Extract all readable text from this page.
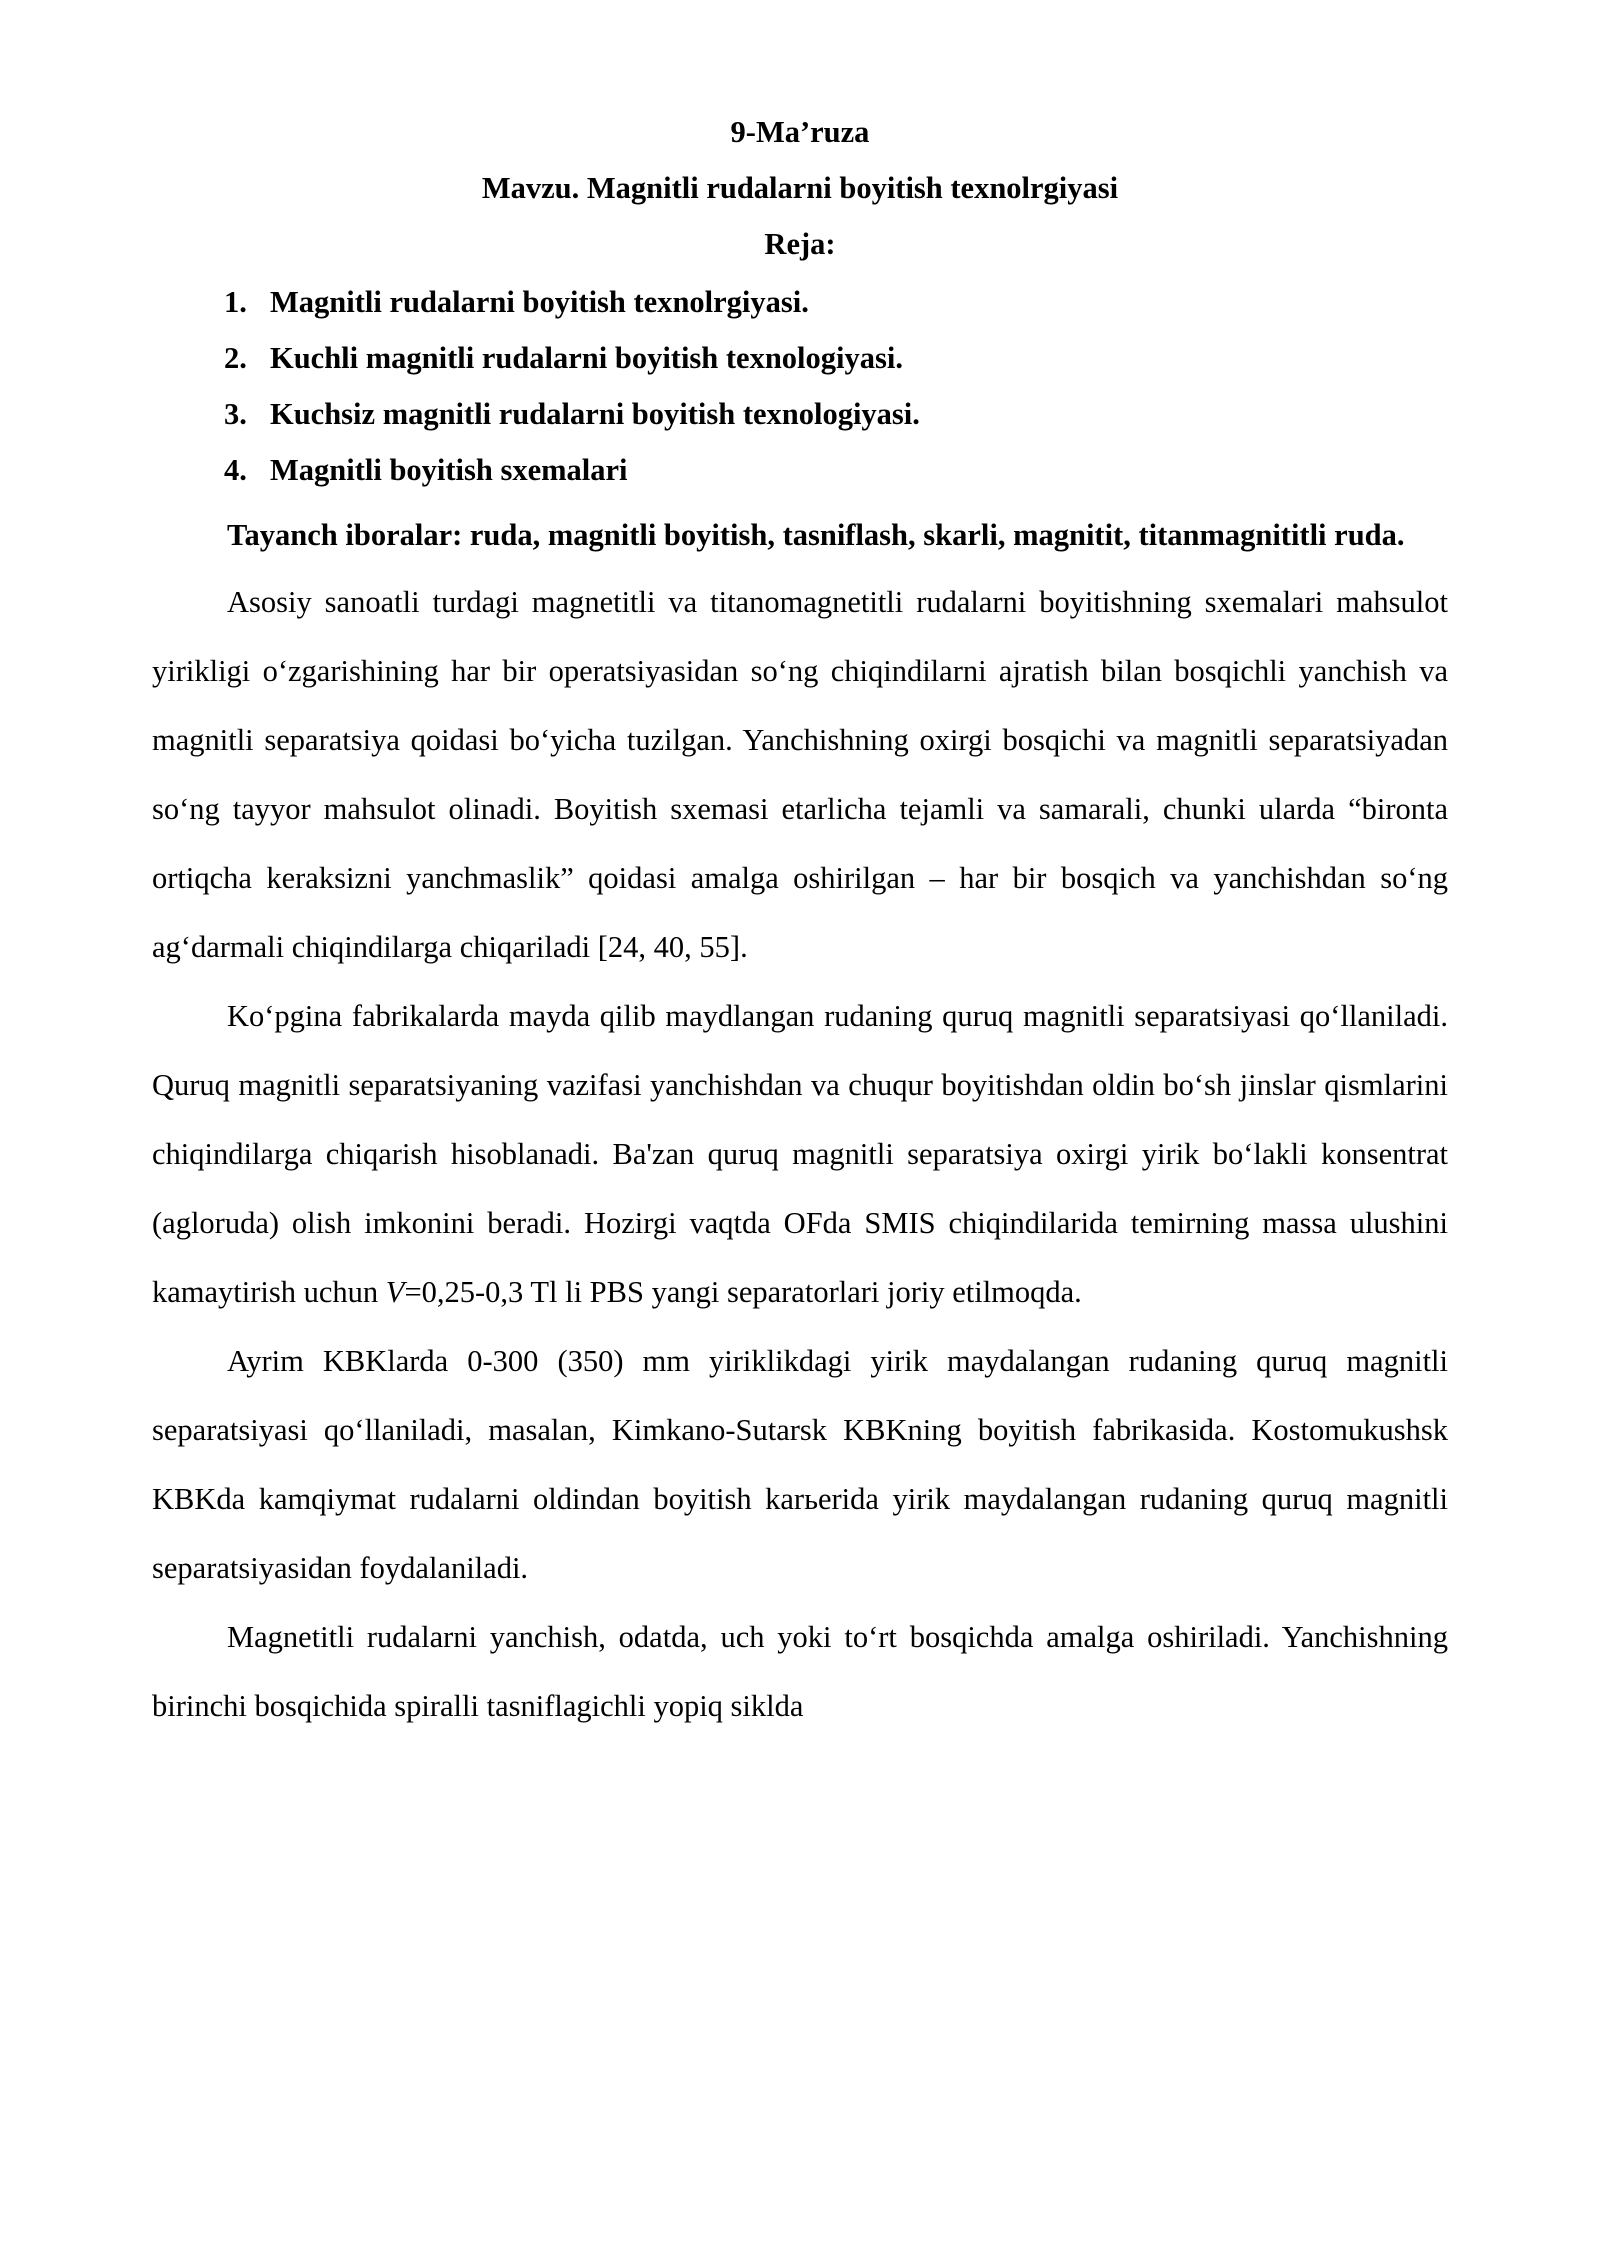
9-Ma’ruza

Mavzu. Magnitli rudalarni boyitish texnolrgiyasi

Reja:

1. Magnitli rudalarni boyitish texnolrgiyasi.
2. Kuchli magnitli rudalarni boyitish texnologiyasi.
3. Kuchsiz magnitli rudalarni boyitish texnologiyasi.
4. Magnitli boyitish sxemalari

Tayanch iboralar: ruda, magnitli boyitish, tasniflash, skarli, magnitit, titanmagnititli ruda.

Asosiy sanoatli turdagi magnetitli va titanomagnetitli rudalarni boyitishning sxemalari mahsulot yirikligi o‘zgarishining har bir operatsiyasidan so‘ng chiqindilarni ajratish bilan bosqichli yanchish va magnitli separatsiya qoidasi bo‘yicha tuzilgan. Yanchishning oxirgi bosqichi va magnitli separatsiyadan so‘ng tayyor mahsulot olinadi. Boyitish sxemasi etarlicha tejamli va samarali, chunki ularda “bironta ortiqcha keraksizni yanchmaslik” qoidasi amalga oshirilgan – har bir bosqich va yanchishdan so‘ng ag‘darmali chiqindilarga chiqariladi [24, 40, 55].

Ko‘pgina fabrikalarda mayda qilib maydlangan rudaning quruq magnitli separatsiyasi qo‘llaniladi. Quruq magnitli separatsiyaning vazifasi yanchishdan va chuqur boyitishdan oldin bo‘sh jinslar qismlarini chiqindilarga chiqarish hisoblanadi. Ba'zan quruq magnitli separatsiya oxirgi yirik bo‘lakli konsentrat (agloruda) olish imkonini beradi. Hozirgi vaqtda OFda SMIS chiqindilarida temirning massa ulushini kamaytirish uchun V=0,25-0,3 Tl li PBS yangi separatorlari joriy etilmoqda.

Ayrim KBKlarda 0-300 (350) mm yiriklikdagi yirik maydalangan rudaning quruq magnitli separatsiyasi qo‘llaniladi, masalan, Kimkano-Sutarsk KBKning boyitish fabrikasida. Kostomukushsk KBKda kamqiymat rudalarni oldindan boyitish karьerida yirik maydalangan rudaning quruq magnitli separatsiyasidan foydalaniladi.

Magnetitli rudalarni yanchish, odatda, uch yoki to‘rt bosqichda amalga oshiriladi. Yanchishning birinchi bosqichida spiralli tasniflagichli yopiq siklda
